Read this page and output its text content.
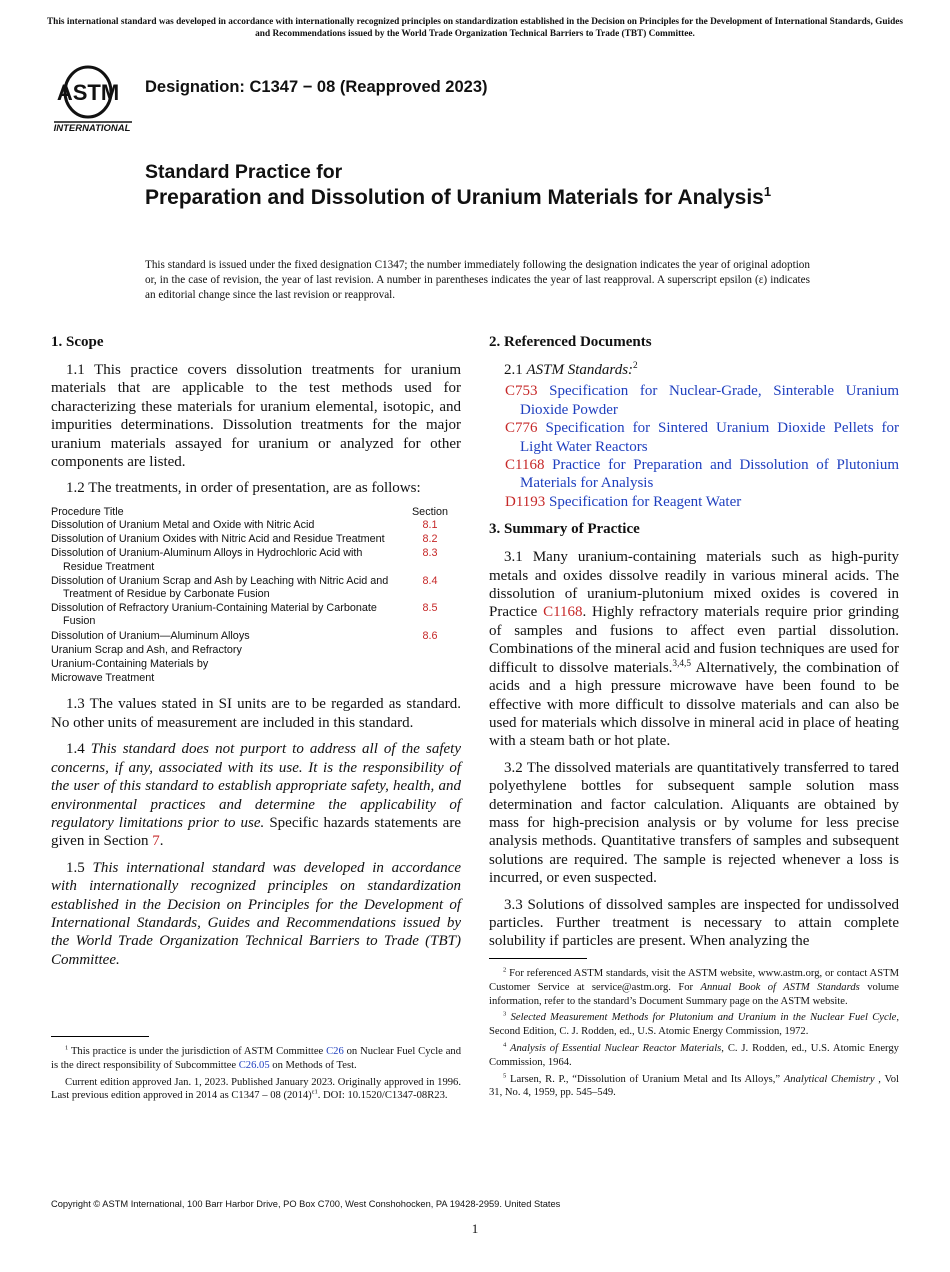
This international standard was developed in accordance with internationally recognized principles on standardization established in the Decision on Principles for the Development of International Standards, Guides and Recommendations issued by the World Trade Organization Technical Barriers to Trade (TBT) Committee.
ASTM
INTERNATIONAL
Designation: C1347 − 08 (Reapproved 2023)
Standard Practice for
Preparation and Dissolution of Uranium Materials for Analysis$^1$
This standard is issued under the fixed designation C1347; the number immediately following the designation indicates the year of original adoption or, in the case of revision, the year of last revision. A number in parentheses indicates the year of last reapproval. A superscript epsilon (ε) indicates an editorial change since the last revision or reapproval.
1. Scope

1.1 This practice covers dissolution treatments for uranium materials that are applicable to the test methods used for characterizing these materials for uranium elemental, isotopic, and impurities determinations. Dissolution treatments for the major uranium materials assayed for uranium or analyzed for other components are listed.

1.2 The treatments, in order of presentation, are as follows:

Procedure Title	Section

Dissolution of Uranium Metal and Oxide with Nitric Acid	8.1

Dissolution of Uranium Oxides with Nitric Acid and Residue Treatment	8.2

Dissolution of Uranium-Aluminum Alloys in Hydrochloric Acid with Residue Treatment	8.3

Dissolution of Uranium Scrap and Ash by Leaching with Nitric Acid and Treatment of Residue by Carbonate Fusion	8.4

Dissolution of Refractory Uranium-Containing Material by Carbonate Fusion	8.5

Dissolution of Uranium—Aluminum Alloys	8.6

Uranium Scrap and Ash, and Refractory	

Uranium-Containing Materials by	

Microwave Treatment	

1.3 The values stated in SI units are to be regarded as standard. No other units of measurement are included in this standard.

1.4 This standard does not purport to address all of the safety concerns, if any, associated with its use. It is the responsibility of the user of this standard to establish appropriate safety, health, and environmental practices and determine the applicability of regulatory limitations prior to use. Specific hazards statements are given in Section 7.

1.5 This international standard was developed in accordance with internationally recognized principles on standardization established in the Decision on Principles for the Development of International Standards, Guides and Recommendations issued by the World Trade Organization Technical Barriers to Trade (TBT) Committee.

2. Referenced Documents
2.1 ASTM Standards:$^2$
C753 Specification for Nuclear-Grade, Sinterable Uranium Dioxide Powder
C776 Specification for Sintered Uranium Dioxide Pellets for Light Water Reactors
C1168 Practice for Preparation and Dissolution of Plutonium Materials for Analysis
D1193 Specification for Reagent Water
3. Summary of Practice

3.1 Many uranium-containing materials such as high-purity metals and oxides dissolve readily in various mineral acids. The dissolution of uranium-plutonium mixed oxides is covered in Practice C1168. Highly refractory materials require prior grinding of samples and fusions to affect even partial dissolution. Combinations of the mineral acid and fusion techniques are used for difficult to dissolve materials.$^{3,4,5}$ Alternatively, the combination of acids and a high pressure microwave have been found to be effective with more difficult to dissolve materials and can also be used for materials which dissolve in mineral acid in place of heating with a steam bath or hot plate.

3.2 The dissolved materials are quantitatively transferred to tared polyethylene bottles for subsequent sample solution mass determination and factor calculation. Aliquants are obtained by mass for high-precision analysis or by volume for less precise analysis methods. Quantitative transfers of samples and subsequent solutions are required. The sample is rejected whenever a loss is incurred, or even suspected.

3.3 Solutions of dissolved samples are inspected for undissolved particles. Further treatment is necessary to attain complete solubility if particles are present. When analyzing the

$^1$ This practice is under the jurisdiction of ASTM Committee C26 on Nuclear Fuel Cycle and is the direct responsibility of Subcommittee C26.05 on Methods of Test.

Current edition approved Jan. 1, 2023. Published January 2023. Originally approved in 1996. Last previous edition approved in 2014 as C1347 – 08 $(2014)^{\varepsilon 1}$. DOI: 10.1520/C1347-08R23.

$^2$ For referenced ASTM standards, visit the ASTM website, www.astm.org, or contact ASTM Customer Service at service@astm.org. For Annual Book of ASTM Standards volume information, refer to the standard’s Document Summary page on the ASTM website.

$^3$ Selected Measurement Methods for Plutonium and Uranium in the Nuclear Fuel Cycle, Second Edition, C. J. Rodden, ed., U.S. Atomic Energy Commission, 1972.

$^4$ Analysis of Essential Nuclear Reactor Materials, C. J. Rodden, ed., U.S. Atomic Energy Commission, 1964.

$^5$ Larsen, R. P., “Dissolution of Uranium Metal and Its Alloys,” Analytical Chemistry , Vol 31, No. 4, 1959, pp. 545–549.

Copyright © ASTM International, 100 Barr Harbor Drive, PO Box C700, West Conshohocken, PA 19428-2959. United States
1
